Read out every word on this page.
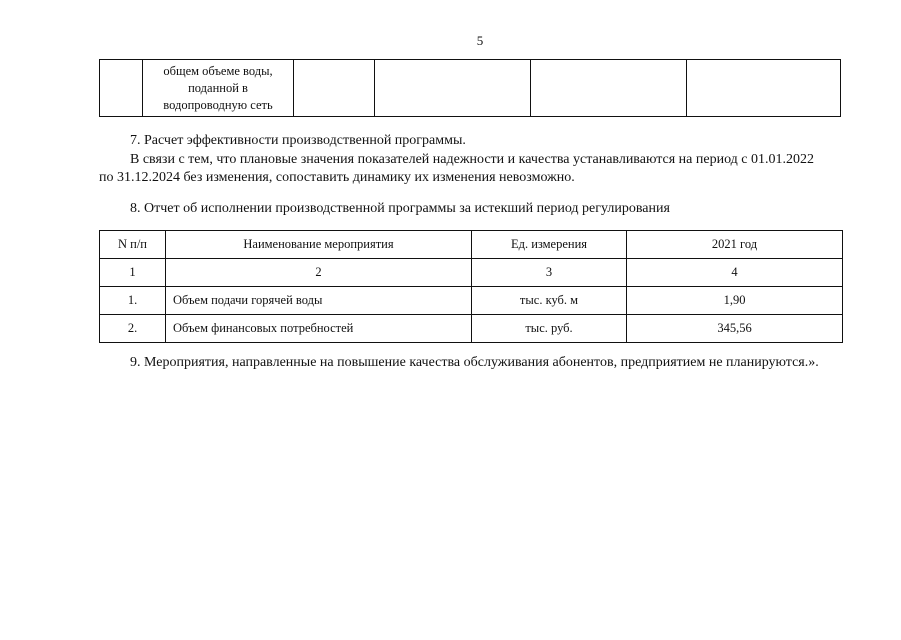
5

общем объеме воды,
поданной в
водопроводную сеть

7. Расчет эффективности производственной программы.
В связи с тем, что плановые значения показателей надежности и качества устанавливаются на период с 01.01.2022
по 31.12.2024 без изменения, сопоставить динамику их изменения невозможно.
8. Отчет об исполнении производственной программы за истекший период регулирования
N п/п	Наименование мероприятия	Ед. измерения	2021 год
1	2	3	4
1.	Объем подачи горячей воды	тыс. куб. м	1,90
2.	Объем финансовых потребностей	тыс. руб.	345,56
9. Мероприятия, направленные на повышение качества обслуживания абонентов, предприятием не планируются.».
